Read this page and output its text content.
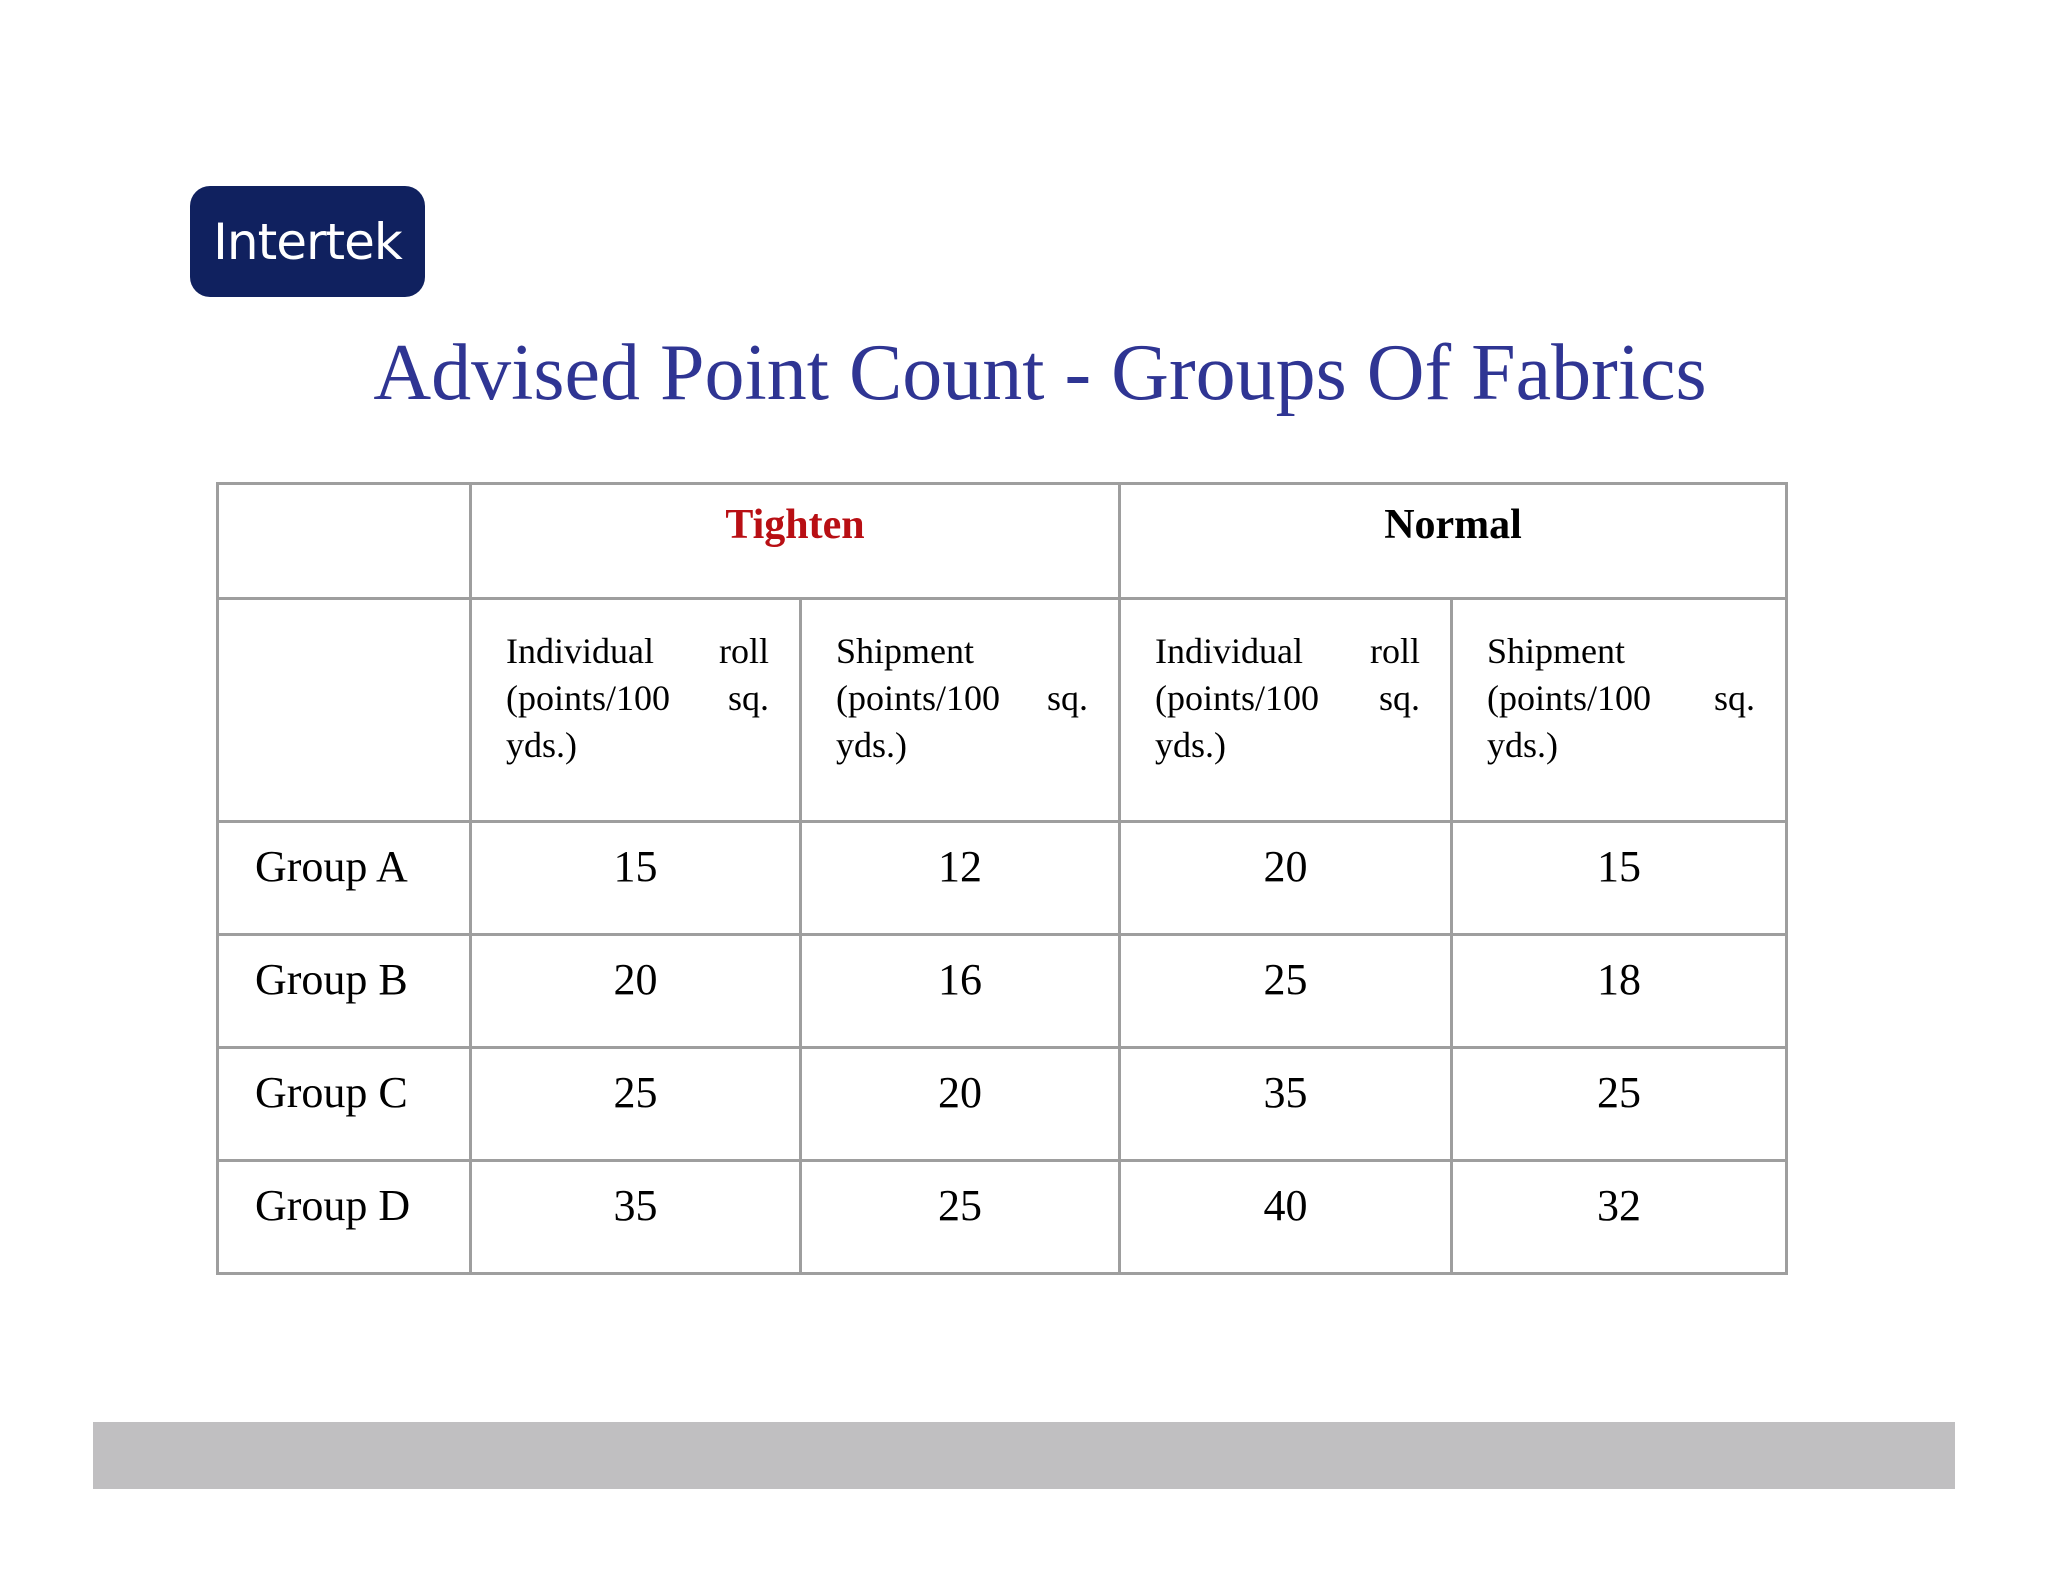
Intertek
Advised Point Count - Groups Of Fabrics
	Tighten		Normal	
	Individual roll (points/100 sq. yds.)	Shipment (points/100 sq. yds.)	Individual roll (points/100 sq. yds.)	Shipment (points/100 sq. yds.)
Group A	15	12	20	15
Group B	20	16	25	18
Group C	25	20	35	25
Group D	35	25	40	32
